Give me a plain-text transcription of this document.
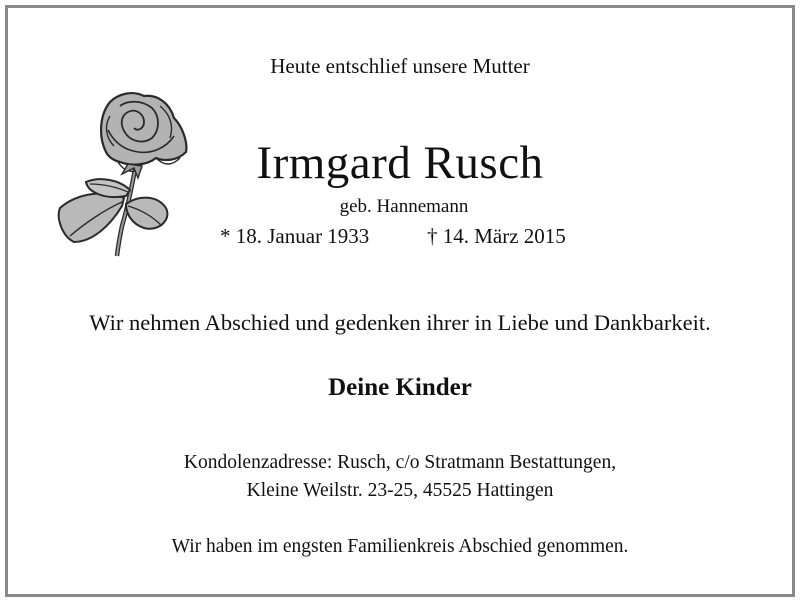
Heute entschlief unsere Mutter
Irmgard Rusch
geb. Hannemann
* 18. Januar 1933	† 14. März 2015
Wir nehmen Abschied und gedenken ihrer in Liebe und Dankbarkeit.
Deine Kinder
Kondolenzadresse: Rusch, c/o Stratmann Bestattungen,
Kleine Weilstr. 23-25, 45525 Hattingen
Wir haben im engsten Familienkreis Abschied genommen.
